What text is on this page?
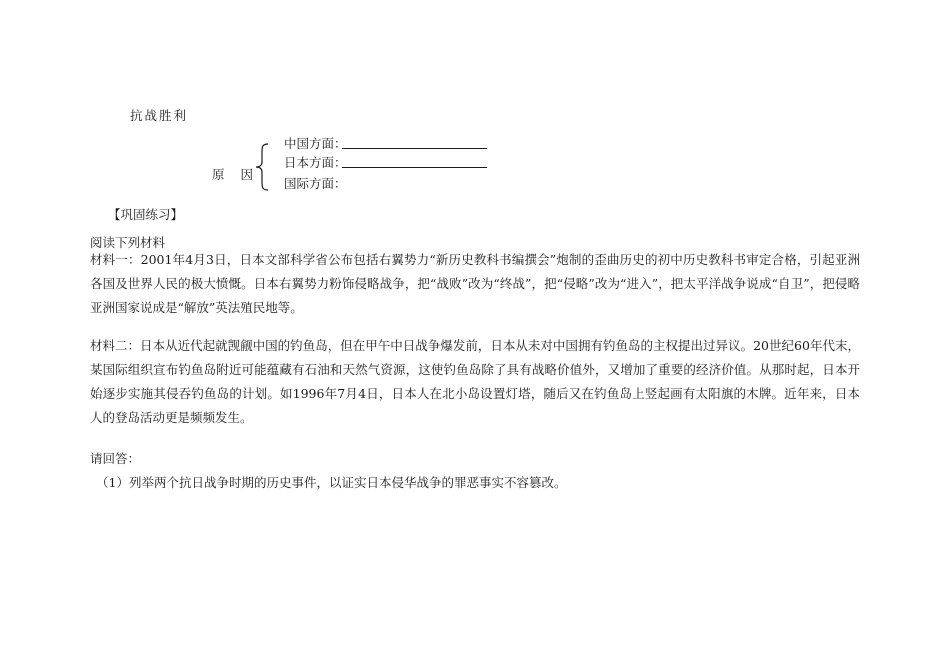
抗战胜利
原 因
中国方面：
日本方面：
国际方面：
【巩固练习】
阅读下列材料
材料一：2001年4月3日，日本文部科学省公布包括右翼势力“新历史教科书编撰会”炮制的歪曲历史的初中历史教科书审定合格，引起亚洲各国及世界人民的极大愤慨。日本右翼势力粉饰侵略战争，把“战败”改为“终战”，把“侵略”改为“进入”，把太平洋战争说成“自卫”，把侵略亚洲国家说成是“解放”英法殖民地等。
材料二：日本从近代起就觊觎中国的钓鱼岛，但在甲午中日战争爆发前，日本从未对中国拥有钓鱼岛的主权提出过异议。20世纪60年代末，某国际组织宣布钓鱼岛附近可能蕴藏有石油和天然气资源，这使钓鱼岛除了具有战略价值外，又增加了重要的经济价值。从那时起，日本开始逐步实施其侵吞钓鱼岛的计划。如1996年7月4日，日本人在北小岛设置灯塔，随后又在钓鱼岛上竖起画有太阳旗的木牌。近年来，日本人的登岛活动更是频频发生。
请回答：
（1）列举两个抗日战争时期的历史事件，以证实日本侵华战争的罪恶事实不容篡改。
